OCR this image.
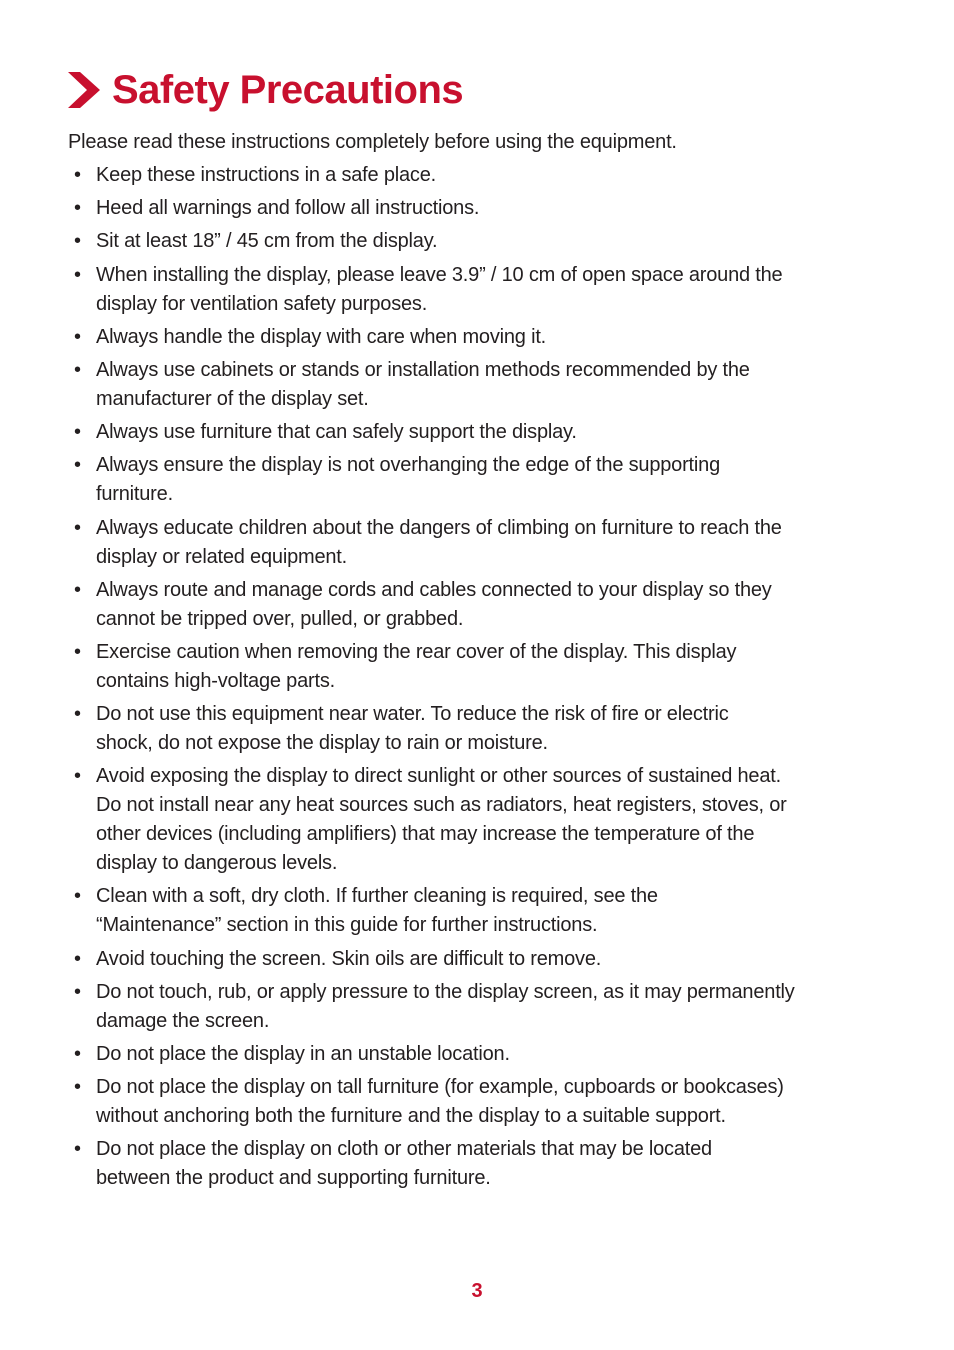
Safety Precautions

Please read these instructions completely before using the equipment.

• Keep these instructions in a safe place.
• Heed all warnings and follow all instructions.
• Sit at least 18” / 45 cm from the display.
• When installing the display, please leave 3.9” / 10 cm of open space around the
display for ventilation safety purposes.
• Always handle the display with care when moving it.
• Always use cabinets or stands or installation methods recommended by the
manufacturer of the display set.
• Always use furniture that can safely support the display.
• Always ensure the display is not overhanging the edge of the supporting
furniture.
• Always educate children about the dangers of climbing on furniture to reach the
display or related equipment.
• Always route and manage cords and cables connected to your display so they
cannot be tripped over, pulled, or grabbed.
• Exercise caution when removing the rear cover of the display. This display
contains high-voltage parts.
• Do not use this equipment near water. To reduce the risk of fire or electric
shock, do not expose the display to rain or moisture.
• Avoid exposing the display to direct sunlight or other sources of sustained heat.
Do not install near any heat sources such as radiators, heat registers, stoves, or
other devices (including amplifiers) that may increase the temperature of the
display to dangerous levels.
• Clean with a soft, dry cloth. If further cleaning is required, see the
“Maintenance” section in this guide for further instructions.
• Avoid touching the screen. Skin oils are difficult to remove.
• Do not touch, rub, or apply pressure to the display screen, as it may permanently
damage the screen.
• Do not place the display in an unstable location.
• Do not place the display on tall furniture (for example, cupboards or bookcases)
without anchoring both the furniture and the display to a suitable support.
• Do not place the display on cloth or other materials that may be located
between the product and supporting furniture.
3
